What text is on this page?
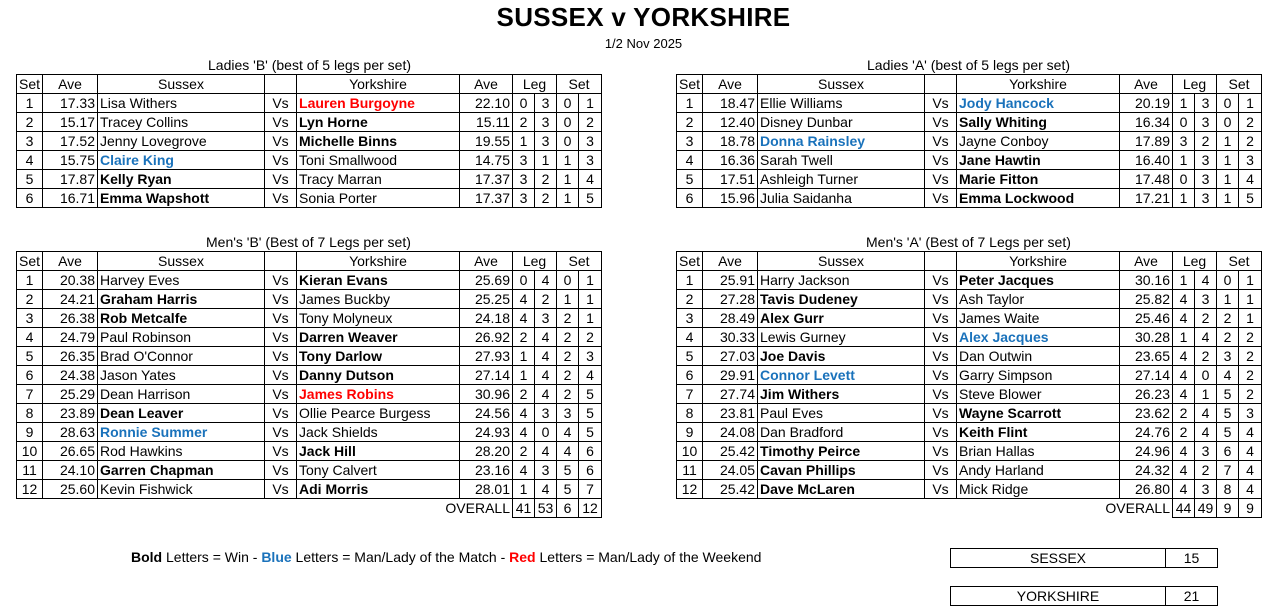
SUSSEX v YORKSHIRE
1/2 Nov 2025
Ladies 'B' (best of 5 legs per set)
Set	Ave	Sussex		Yorkshire	Ave	Leg		Set	
1	17.33	Lisa Withers	Vs	Lauren Burgoyne	22.10	0	3	0	1
2	15.17	Tracey Collins	Vs	Lyn Horne	15.11	2	3	0	2
3	17.52	Jenny Lovegrove	Vs	Michelle Binns	19.55	1	3	0	3
4	15.75	Claire King	Vs	Toni Smallwood	14.75	3	1	1	3
5	17.87	Kelly Ryan	Vs	Tracy Marran	17.37	3	2	1	4
6	16.71	Emma Wapshott	Vs	Sonia Porter	17.37	3	2	1	5
Ladies 'A' (best of 5 legs per set)
Set	Ave	Sussex		Yorkshire	Ave	Leg		Set	
1	18.47	Ellie Williams	Vs	Jody Hancock	20.19	1	3	0	1
2	12.40	Disney Dunbar	Vs	Sally Whiting	16.34	0	3	0	2
3	18.78	Donna Rainsley	Vs	Jayne Conboy	17.89	3	2	1	2
4	16.36	Sarah Twell	Vs	Jane Hawtin	16.40	1	3	1	3
5	17.51	Ashleigh Turner	Vs	Marie Fitton	17.48	0	3	1	4
6	15.96	Julia Saidanha	Vs	Emma Lockwood	17.21	1	3	1	5
Men's 'B' (Best of 7 Legs per set)
Set	Ave	Sussex		Yorkshire	Ave	Leg		Set	
1	20.38	Harvey Eves	Vs	Kieran Evans	25.69	0	4	0	1
2	24.21	Graham Harris	Vs	James Buckby	25.25	4	2	1	1
3	26.38	Rob Metcalfe	Vs	Tony Molyneux	24.18	4	3	2	1
4	24.79	Paul Robinson	Vs	Darren Weaver	26.92	2	4	2	2
5	26.35	Brad O'Connor	Vs	Tony Darlow	27.93	1	4	2	3
6	24.38	Jason Yates	Vs	Danny Dutson	27.14	1	4	2	4
7	25.29	Dean Harrison	Vs	James Robins	30.96	2	4	2	5
8	23.89	Dean Leaver	Vs	Ollie Pearce Burgess	24.56	4	3	3	5
9	28.63	Ronnie Summer	Vs	Jack Shields	24.93	4	0	4	5
10	26.65	Rod Hawkins	Vs	Jack Hill	28.20	2	4	4	6
11	24.10	Garren Chapman	Vs	Tony Calvert	23.16	4	3	5	6
12	25.60	Kevin Fishwick	Vs	Adi Morris	28.01	1	4	5	7
OVERALL						41	53	6	12
Men's 'A' (Best of 7 Legs per set)
Set	Ave	Sussex		Yorkshire	Ave	Leg		Set	
1	25.91	Harry Jackson	Vs	Peter Jacques	30.16	1	4	0	1
2	27.28	Tavis Dudeney	Vs	Ash Taylor	25.82	4	3	1	1
3	28.49	Alex Gurr	Vs	James Waite	25.46	4	2	2	1
4	30.33	Lewis Gurney	Vs	Alex Jacques	30.28	1	4	2	2
5	27.03	Joe Davis	Vs	Dan Outwin	23.65	4	2	3	2
6	29.91	Connor Levett	Vs	Garry Simpson	27.14	4	0	4	2
7	27.74	Jim Withers	Vs	Steve Blower	26.23	4	1	5	2
8	23.81	Paul Eves	Vs	Wayne Scarrott	23.62	2	4	5	3
9	24.08	Dan Bradford	Vs	Keith Flint	24.76	2	4	5	4
10	25.42	Timothy Peirce	Vs	Brian Hallas	24.96	4	3	6	4
11	24.05	Cavan Phillips	Vs	Andy Harland	24.32	4	2	7	4
12	25.42	Dave McLaren	Vs	Mick Ridge	26.80	4	3	8	4
OVERALL						44	49	9	9
Bold Letters = Win - Blue Letters = Man/Lady of the Match - Red Letters = Man/Lady of the Weekend	SESSEX	15
YORKSHIRE	21
